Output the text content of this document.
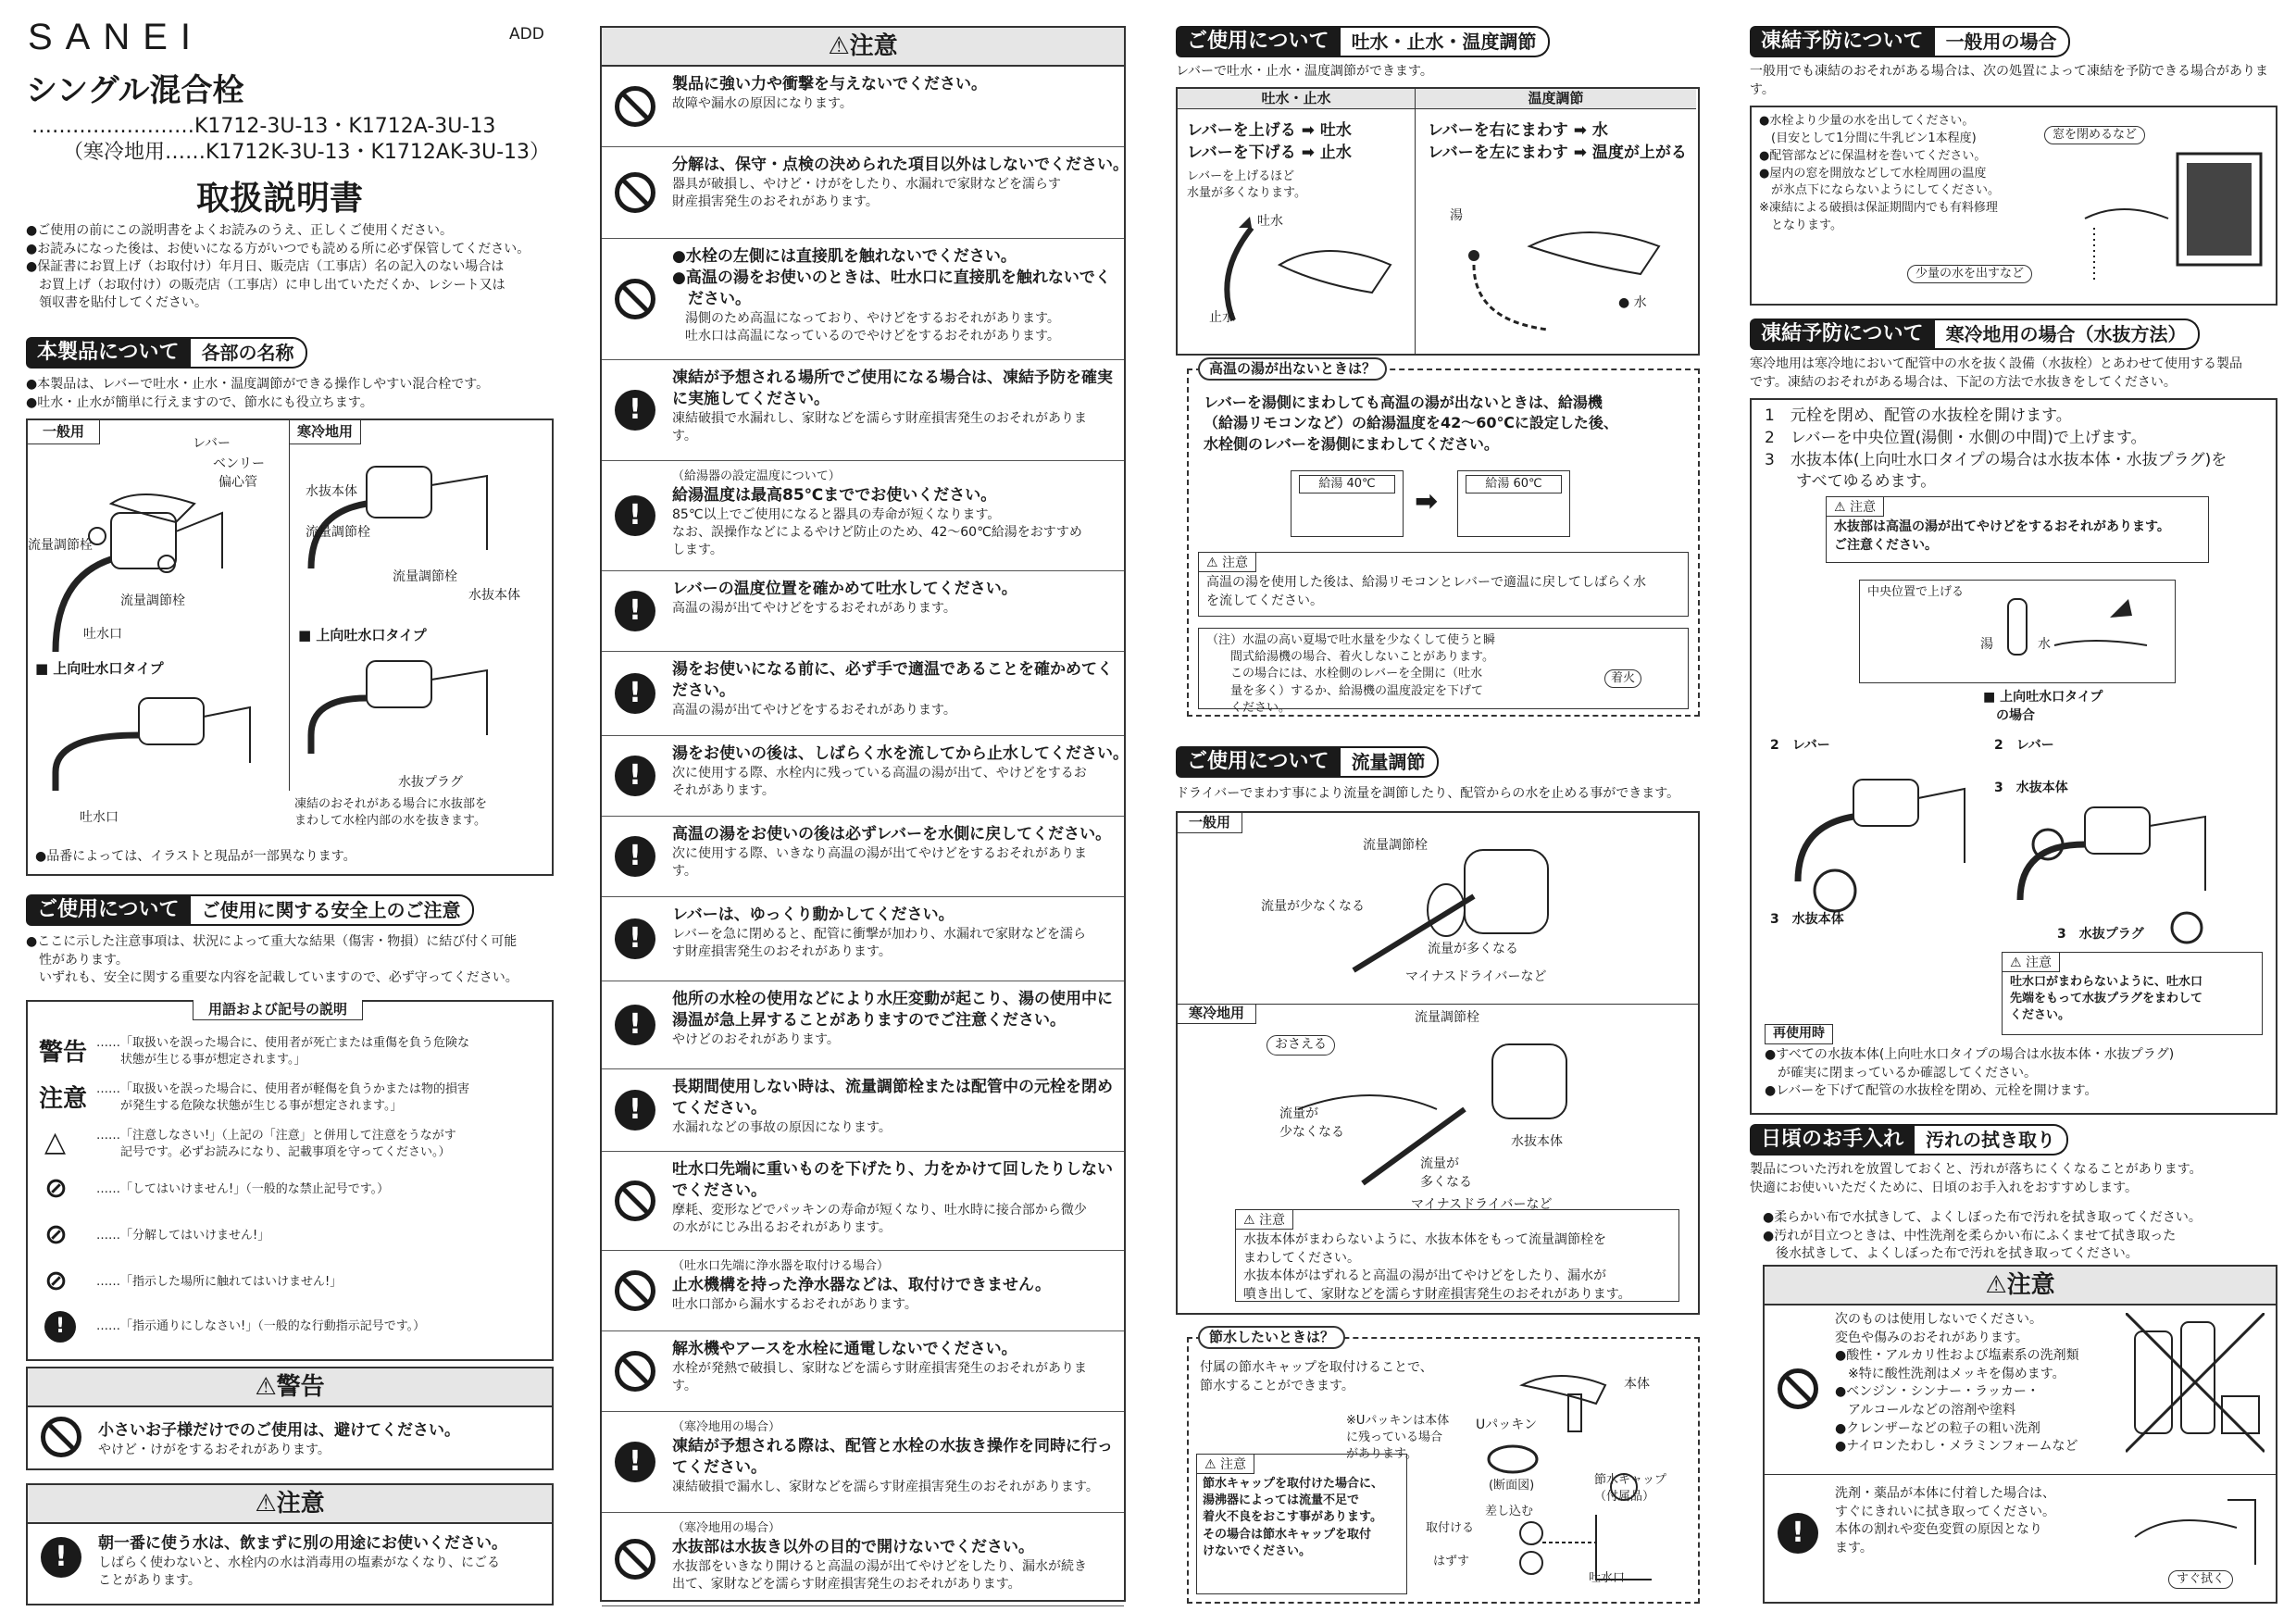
SANEI	ADD
シングル混合栓
……………………K1712-3U-13・K1712A-3U-13
（寒冷地用……K1712K-3U-13・K1712AK-3U-13）
取扱説明書
●ご使用の前にこの説明書をよくお読みのうえ、正しくご使用ください。
●お読みになった後は、お使いになる方がいつでも読める所に必ず保管してください。
●保証書にお買上げ（お取付け）年月日、販売店（工事店）名の記入のない場合は
　お買上げ（お取付け）の販売店（工事店）に申し出ていただくか、レシート又は
　領収書を貼付してください。
本製品について	各部の名称
●本製品は、レバーで吐水・止水・温度調節ができる操作しやすい混合栓です。
●吐水・止水が簡単に行えますので、節水にも役立ちます。
一般用	寒冷地用
レバー
ベンリー
偏心管
流量調節栓
流量調節栓
吐水口
■ 上向吐水口タイプ
吐水口
水抜本体
流量調節栓
流量調節栓
水抜本体
■ 上向吐水口タイプ
水抜プラグ
凍結のおそれがある場合に水抜部を
まわして水栓内部の水を抜きます。
●品番によっては、イラストと現品が一部異なります。
ご使用について	ご使用に関する安全上のご注意
●ここに示した注意事項は、状況によって重大な結果（傷害・物損）に結び付く可能
　性があります。
　いずれも、安全に関する重要な内容を記載していますので、必ず守ってください。
用語および記号の説明
警告 ……「取扱いを誤った場合に、使用者が死亡または重傷を負う危険な
　　状態が生じる事が想定されます。」
注意 ……「取扱いを誤った場合に、使用者が軽傷を負うかまたは物的損害
　　が発生する危険な状態が生じる事が想定されます。」
△	……「注意しなさい!」（上記の「注意」と併用して注意をうながす
　　記号です。必ずお読みになり、記載事項を守ってください。）
⊘ ……「してはいけません!」（一般的な禁止記号です。）
⊘ ……「分解してはいけません!」
⊘ ……「指示した場所に触れてはいけません!」
!	……「指示通りにしなさい!」（一般的な行動指示記号です。）
⚠警告
小さいお子様だけでのご使用は、避けてください。
やけど・けがをするおそれがあります。
⚠注意
!	朝一番に使う水は、飲まずに別の用途にお使いください。
しばらく使わないと、水栓内の水は消毒用の塩素がなくなり、にごる
ことがあります。
⚠注意
製品に強い力や衝撃を与えないでください。
故障や漏水の原因になります。
分解は、保守・点検の決められた項目以外はしないでください。
器具が破損し、やけど・けがをしたり、水漏れで家財などを濡らす
財産損害発生のおそれがあります。
●水栓の左側には直接肌を触れないでください。
●高温の湯をお使いのときは、吐水口に直接肌を触れないでく
　ださい。
　湯側のため高温になっており、やけどをするおそれがあります。
　吐水口は高温になっているのでやけどをするおそれがあります。
!
凍結が予想される場所でご使用になる場合は、凍結予防を確実
に実施してください。
凍結破損で水漏れし、家財などを濡らす財産損害発生のおそれがありま
す。
!
（給湯器の設定温度について）
給湯温度は最高85℃まででお使いください。
85℃以上でご使用になると器具の寿命が短くなります。
なお、誤操作などによるやけど防止のため、42～60℃給湯をおすすめ
します。
!
レバーの温度位置を確かめて吐水してください。
高温の湯が出てやけどをするおそれがあります。
!
湯をお使いになる前に、必ず手で適温であることを確かめてく
ださい。
高温の湯が出てやけどをするおそれがあります。
!
湯をお使いの後は、しばらく水を流してから止水してください。
次に使用する際、水栓内に残っている高温の湯が出て、やけどをするお
それがあります。
!
高温の湯をお使いの後は必ずレバーを水側に戻してください。
次に使用する際、いきなり高温の湯が出てやけどをするおそれがありま
す。
!
レバーは、ゆっくり動かしてください。
レバーを急に閉めると、配管に衝撃が加わり、水漏れで家財などを濡ら
す財産損害発生のおそれがあります。
!
他所の水栓の使用などにより水圧変動が起こり、湯の使用中に
湯温が急上昇することがありますのでご注意ください。
やけどのおそれがあります。
!
長期間使用しない時は、流量調節栓または配管中の元栓を閉め
てください。
水漏れなどの事故の原因になります。
吐水口先端に重いものを下げたり、力をかけて回したりしない
でください。
摩耗、変形などでパッキンの寿命が短くなり、吐水時に接合部から微少
の水がにじみ出るおそれがあります。
（吐水口先端に浄水器を取付ける場合）
止水機構を持った浄水器などは、取付けできません。
吐水口部から漏水するおそれがあります。
解氷機やアースを水栓に通電しないでください。
水栓が発熱で破損し、家財などを濡らす財産損害発生のおそれがありま
す。
!
（寒冷地用の場合）
凍結が予想される際は、配管と水栓の水抜き操作を同時に行っ
てください。
凍結破損で漏水し、家財などを濡らす財産損害発生のおそれがあります。
（寒冷地用の場合）
水抜部は水抜き以外の目的で開けないでください。
水抜部をいきなり開けると高温の湯が出てやけどをしたり、漏水が続き
出て、家財などを濡らす財産損害発生のおそれがあります。
ご使用について	吐水・止水・温度調節
レバーで吐水・止水・温度調節ができます。
吐水・止水	温度調節
レバーを上げる ➡ 吐水
レバーを下げる ➡ 止水
レバーを上げるほど
水量が多くなります。
吐水
止水
レバーを右にまわす ➡ 水
レバーを左にまわす ➡ 温度が上がる
湯
● 水
高温の湯が出ないときは？
レバーを湯側にまわしても高温の湯が出ないときは、給湯機
（給湯リモコンなど）の給湯温度を42～60℃に設定した後、
水栓側のレバーを湯側にまわしてください。
給湯 40℃
➡
給湯 60℃
⚠ 注意
高温の湯を使用した後は、給湯リモコンとレバーで適温に戻してしばらく水
を流してください。
（注）水温の高い夏場で吐水量を少なくして使うと瞬
　　間式給湯機の場合、着火しないことがあります。
　　この場合には、水栓側のレバーを全開に（吐水
　　量を多く）するか、給湯機の温度設定を下げて
　　ください。
着火
ご使用について	流量調節
ドライバーでまわす事により流量を調節したり、配管からの水を止める事ができます。
一般用
流量調節栓
流量が少なくなる
流量が多くなる
マイナスドライバーなど
寒冷地用
おさえる
流量調節栓
流量が
少なくなる
水抜本体
流量が
多くなる
マイナスドライバーなど
⚠ 注意
水抜本体がまわらないように、水抜本体をもって流量調節栓を
まわしてください。
水抜本体がはずれると高温の湯が出てやけどをしたり、漏水が
噴き出して、家財などを濡らす財産損害発生のおそれがあります。
節水したいときは？
付属の節水キャップを取付けることで、
節水することができます。
※Uパッキンは本体
に残っている場合
があります。
Uパッキン
(断面図)
本体
節水キャップ
（付属品）
差し込む
取付ける
はずす
吐水口
⚠ 注意
節水キャップを取付けた場合に、
湯沸器によっては流量不足で
着火不良をおこす事があります。
その場合は節水キャップを取付
けないでください。
凍結予防について	一般用の場合
一般用でも凍結のおそれがある場合は、次の処置によって凍結を予防できる場合があります。
●水栓より少量の水を出してください。
　(目安として1分間に牛乳ビン1本程度)
●配管部などに保温材を巻いてください。
●屋内の窓を開放などして水栓周囲の温度
　が氷点下にならないようにしてください。
※凍結による破損は保証期間内でも有料修理
　となります。
窓を閉めるなど
少量の水を出すなど
凍結予防について	寒冷地用の場合（水抜方法）
寒冷地用は寒冷地において配管中の水を抜く設備（水抜栓）とあわせて使用する製品
です。凍結のおそれがある場合は、下記の方法で水抜きをしてください。
1　元栓を閉め、配管の水抜栓を開けます。
2　レバーを中央位置(湯側・水側の中間)で上げます。
3　水抜本体(上向吐水口タイプの場合は水抜本体・水抜プラグ)を
　　すべてゆるめます。
⚠ 注意
水抜部は高温の湯が出てやけどをするおそれがあります。
ご注意ください。
中央位置で上げる
湯	水
■ 上向吐水口タイプ
　の場合
2　レバー	2　レバー
3　水抜本体
3　水抜本体
3　水抜プラグ
⚠ 注意
吐水口がまわらないように、吐水口
先端をもって水抜プラグをまわして
ください。
再使用時
●すべての水抜本体(上向吐水口タイプの場合は水抜本体・水抜プラグ)
　が確実に閉まっているか確認してください。
●レバーを下げて配管の水抜栓を閉め、元栓を開けます。
日頃のお手入れ	汚れの拭き取り
製品についた汚れを放置しておくと、汚れが落ちにくくなることがあります。
快適にお使いいただくために、日頃のお手入れをおすすめします。
●柔らかい布で水拭きして、よくしぼった布で汚れを拭き取ってください。
●汚れが目立つときは、中性洗剤を柔らかい布にふくませて拭き取った
　後水拭きして、よくしぼった布で汚れを拭き取ってください。
⚠注意
次のものは使用しないでください。
変色や傷みのおそれがあります。
●酸性・アルカリ性および塩素系の洗剤類
　※特に酸性洗剤はメッキを傷めます。
●ベンジン・シンナー・ラッカー・
　アルコールなどの溶剤や塗料
●クレンザーなどの粒子の粗い洗剤
●ナイロンたわし・メラミンフォームなど
!
洗剤・薬品が本体に付着した場合は、
すぐにきれいに拭き取ってください。
本体の割れや変色変質の原因となり
ます。
すぐ拭く
